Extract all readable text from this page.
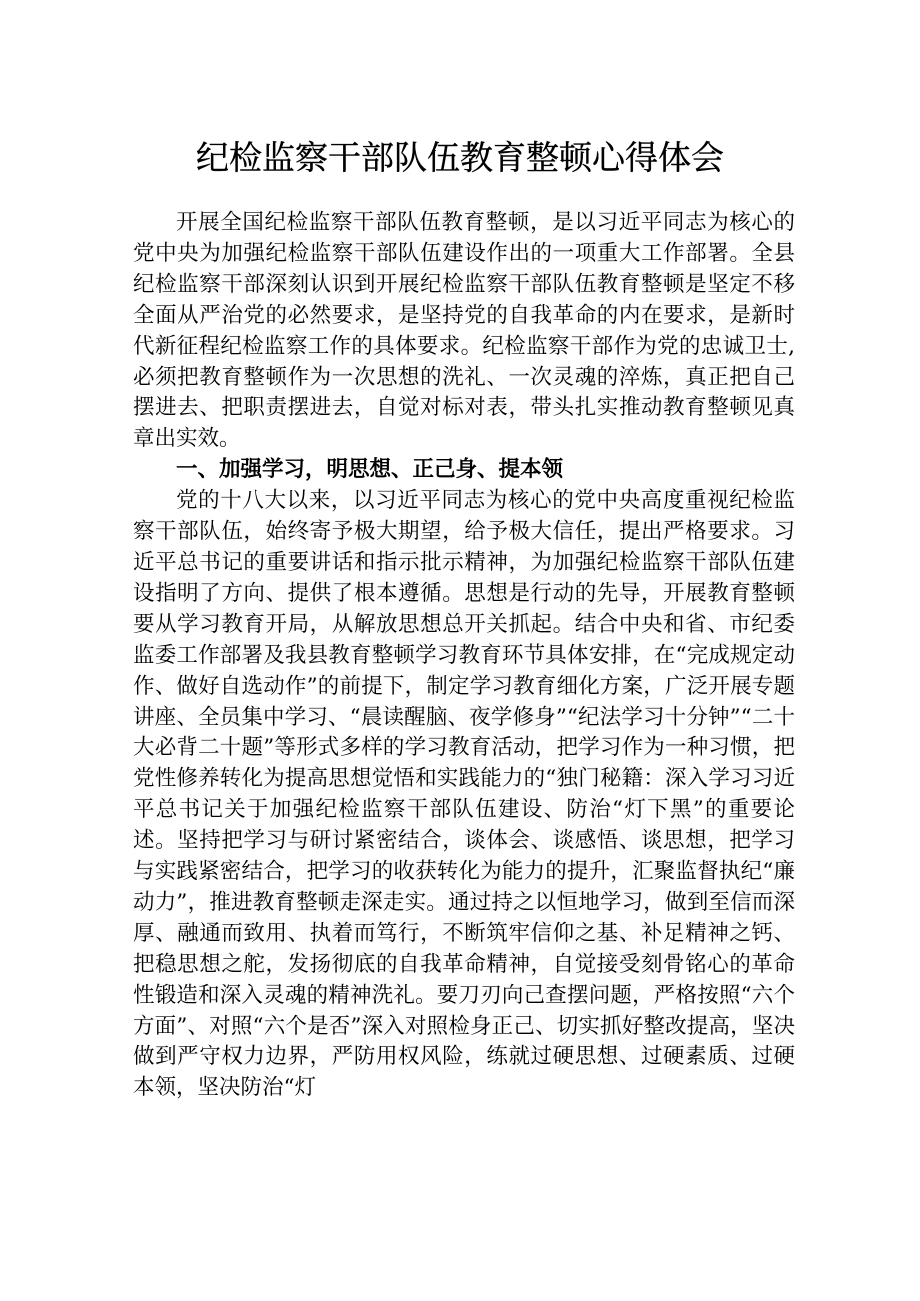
纪检监察干部队伍教育整顿心得体会

开展全国纪检监察干部队伍教育整顿，是以习近平同志为核心的党中央为加强纪检监察干部队伍建设作出的一项重大工作部署。全县纪检监察干部深刻认识到开展纪检监察干部队伍教育整顿是坚定不移全面从严治党的必然要求，是坚持党的自我革命的内在要求，是新时代新征程纪检监察工作的具体要求。纪检监察干部作为党的忠诚卫士,必须把教育整顿作为一次思想的洗礼、一次灵魂的淬炼，真正把自己摆进去、把职责摆进去，自觉对标对表，带头扎实推动教育整顿见真章出实效。

一、加强学习，明思想、正己身、提本领

党的十八大以来，以习近平同志为核心的党中央高度重视纪检监察干部队伍，始终寄予极大期望，给予极大信任，提出严格要求。习近平总书记的重要讲话和指示批示精神，为加强纪检监察干部队伍建设指明了方向、提供了根本遵循。思想是行动的先导，开展教育整顿要从学习教育开局，从解放思想总开关抓起。结合中央和省、市纪委监委工作部署及我县教育整顿学习教育环节具体安排，在“完成规定动作、做好自选动作”的前提下，制定学习教育细化方案，广泛开展专题讲座、全员集中学习、“晨读醒脑、夜学修身”“纪法学习十分钟”“二十大必背二十题”等形式多样的学习教育活动，把学习作为一种习惯，把党性修养转化为提高思想觉悟和实践能力的“独门秘籍：深入学习习近平总书记关于加强纪检监察干部队伍建设、防治“灯下黑”的重要论述。坚持把学习与研讨紧密结合，谈体会、谈感悟、谈思想，把学习与实践紧密结合，把学习的收获转化为能力的提升，汇聚监督执纪“廉动力”，推进教育整顿走深走实。通过持之以恒地学习，做到至信而深厚、融通而致用、执着而笃行，不断筑牢信仰之基、补足精神之钙、把稳思想之舵，发扬彻底的自我革命精神，自觉接受刻骨铭心的革命性锻造和深入灵魂的精神洗礼。要刀刃向己查摆问题，严格按照“六个方面”、对照“六个是否”深入对照检身正己、切实抓好整改提高，坚决做到严守权力边界，严防用权风险，练就过硬思想、过硬素质、过硬本领，坚决防治“灯
